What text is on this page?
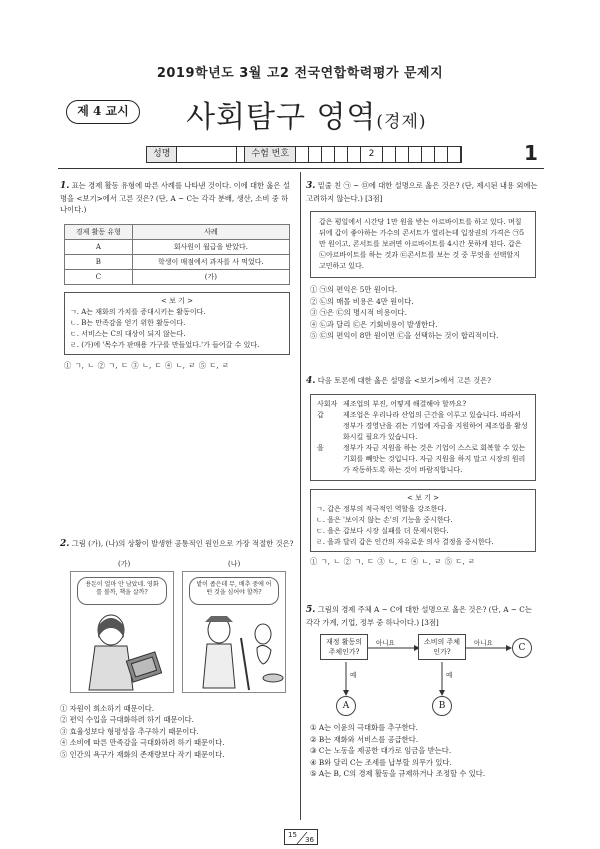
2019학년도 3월 고2 전국연합학력평가 문제지
제 4 교시	사회탐구 영역(경제)
성명	수험 번호	2	1
1. 표는 경제 활동 유형에 따른 사례를 나타낸 것이다. 이에 대한 옳은 설명을 <보기>에서 고른 것은? (단, A ~ C는 각각 분배, 생산, 소비 중 하나이다.)
경제 활동 유형	사례
A	회사원이 월급을 받았다.
B	학생이 매점에서 과자를 사 먹었다.
C	(가)
< 보 기 >
ㄱ. A는 재화의 가치를 증대시키는 활동이다.
ㄴ. B는 만족감을 얻기 위한 활동이다.
ㄷ. 서비스는 C의 대상이 되지 않는다.
ㄹ. (가)에 '목수가 판매용 가구를 만들었다.'가 들어갈 수 있다.
① ㄱ, ㄴ ② ㄱ, ㄷ ③ ㄴ, ㄷ ④ ㄴ, ㄹ ⑤ ㄷ, ㄹ
2. 그림 (가), (나)의 상황이 발생한 공통적인 원인으로 가장 적절한 것은?
(가)	(나)
용돈이 얼마 안 남았네. 영화를 볼까, 책을 살까?
밭이 좁은데 무, 배추 중에 어떤 것을 심어야 할까?
① 자원이 희소하기 때문이다.
② 편익 수입을 극대화하려 하기 때문이다.
③ 효율성보다 형평성을 추구하기 때문이다.
④ 소비에 따른 만족감을 극대화하려 하기 때문이다.
⑤ 인간의 욕구가 재화의 존재량보다 작기 때문이다.
3. 밑줄 친 ㉠ ~ ㉤에 대한 설명으로 옳은 것은? (단, 제시된 내용 외에는 고려하지 않는다.) [3점]
갑은 평일에서 시간당 1만 원을 받는 아르바이트를 하고 있다. 며칠 뒤에 갑이 좋아하는 가수의 콘서트가 열리는데 입장권의 가격은 ㉠5만 원이고, 콘서트를 보려면 아르바이트를 4시간 못하게 된다. 갑은 ㉡아르바이트를 하는 것과 ㉢콘서트를 보는 것 중 무엇을 선택할지 고민하고 있다.
① ㉠의 편익은 5만 원이다.
② ㉡의 매몰 비용은 4만 원이다.
③ ㉠은 ㉢의 명시적 비용이다.
④ ㉡과 달리 ㉢은 기회비용이 발생한다.
⑤ ㉢의 편익이 8만 원이면 ㉢을 선택하는 것이 합리적이다.
4. 다음 토론에 대한 옳은 설명을 <보기>에서 고른 것은?
사회자 제조업의 부진, 어떻게 해결해야 할까요?
갑	제조업은 우리나라 산업의 근간을 이루고 있습니다. 따라서 정부가 경영난을 겪는 기업에 자금을 지원하여 제조업을 활성화시킬 필요가 있습니다.
을	정부가 자금 지원을 하는 것은 기업이 스스로 회복할 수 있는 기회를 빼앗는 것입니다. 자금 지원을 하지 말고 시장의 원리가 작동하도록 하는 것이 바람직합니다.
< 보 기 >
ㄱ. 갑은 정부의 적극적인 역할을 강조한다.
ㄴ. 을은 '보이지 않는 손'의 기능을 중시한다.
ㄷ. 을은 갑보다 시장 실패를 더 문제시한다.
ㄹ. 을과 달리 갑은 인간의 자유로운 의사 결정을 중시한다.
① ㄱ, ㄴ ② ㄱ, ㄷ ③ ㄴ, ㄷ ④ ㄴ, ㄹ ⑤ ㄷ, ㄹ
5. 그림의 경제 주체 A ~ C에 대한 설명으로 옳은 것은? (단, A ~ C는 각각 가계, 기업, 정부 중 하나이다.) [3점]
재정 활동의 주체인가?
소비의 주체인가?
아니요	아니요
예	예
A	B
C
① A는 이윤의 극대화를 추구한다.
② B는 재화와 서비스를 공급한다.
③ C는 노동을 제공한 대가로 임금을 받는다.
④ B와 달리 C는 조세를 납부할 의무가 있다.
⑤ A는 B, C의 경제 활동을 규제하거나 조정할 수 있다.
15
36
